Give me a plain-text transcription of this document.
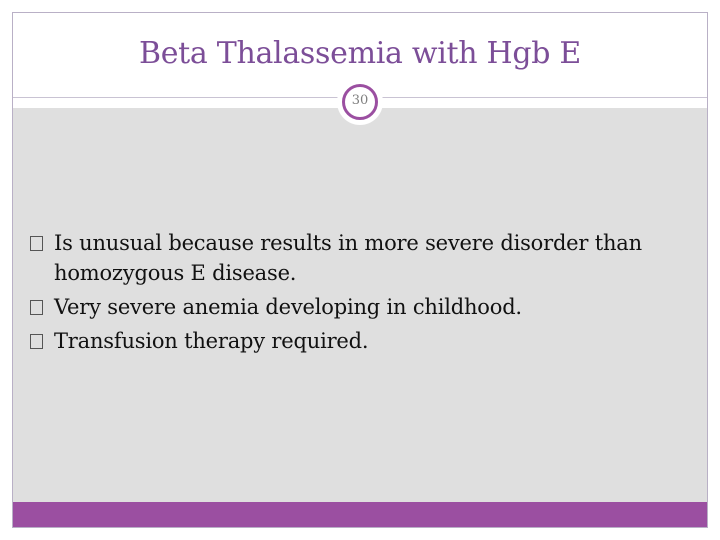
Beta Thalassemia with Hgb E
30
Is unusual because results in more severe disorder than homozygous E disease.
Very severe anemia developing in childhood.
Transfusion therapy required.
